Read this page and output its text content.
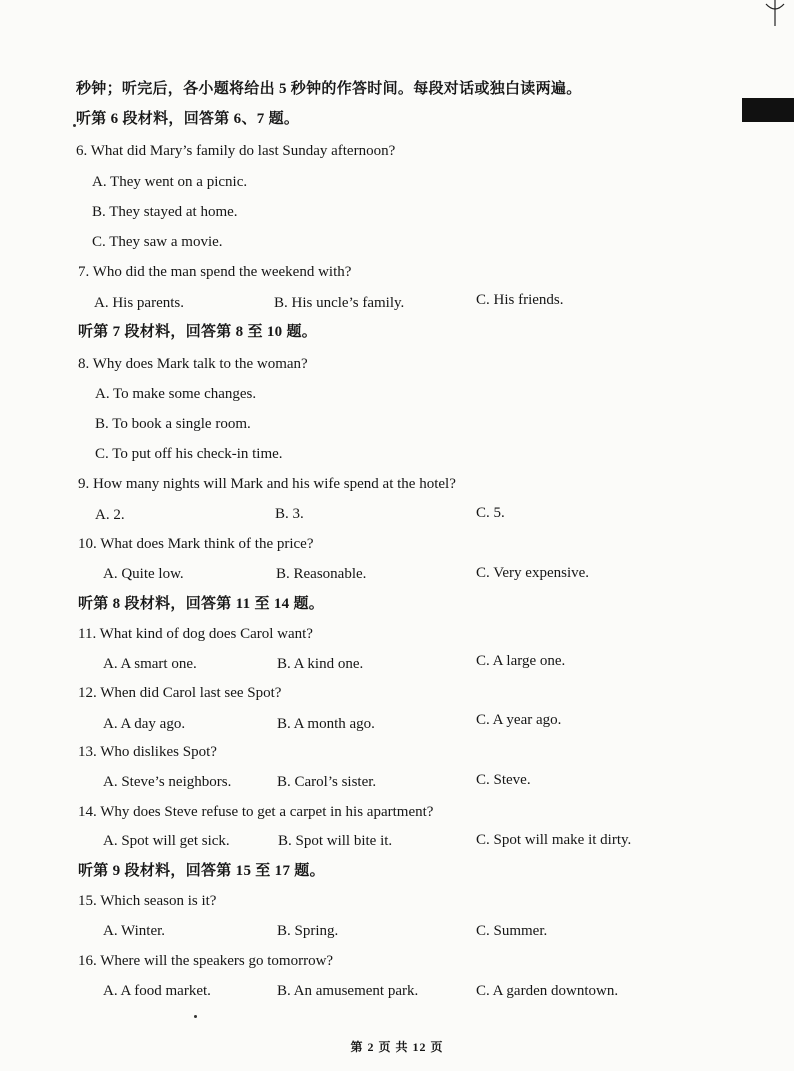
秒钟；听完后，各小题将给出 5 秒钟的作答时间。每段对话或独白读两遍。
听第 6 段材料，回答第 6、7 题。
6. What did Mary’s family do last Sunday afternoon?
A. They went on a picnic.
B. They stayed at home.
C. They saw a movie.
7. Who did the man spend the weekend with?
A. His parents.	B. His uncle’s family.	C. His friends.
听第 7 段材料，回答第 8 至 10 题。
8. Why does Mark talk to the woman?
A. To make some changes.
B. To book a single room.
C. To put off his check-in time.
9. How many nights will Mark and his wife spend at the hotel?
A. 2.	B. 3.	C. 5.
10. What does Mark think of the price?
A. Quite low.	B. Reasonable.	C. Very expensive.
听第 8 段材料，回答第 11 至 14 题。
11. What kind of dog does Carol want?
A. A smart one.	B. A kind one.	C. A large one.
12. When did Carol last see Spot?
A. A day ago.	B. A month ago.	C. A year ago.
13. Who dislikes Spot?
A. Steve’s neighbors.	B. Carol’s sister.	C. Steve.
14. Why does Steve refuse to get a carpet in his apartment?
A. Spot will get sick.	B. Spot will bite it.	C. Spot will make it dirty.
听第 9 段材料，回答第 15 至 17 题。
15. Which season is it?
A. Winter.	B. Spring.	C. Summer.
16. Where will the speakers go tomorrow?
A. A food market.	B. An amusement park.	C. A garden downtown.
第 2 页 共 12 页
